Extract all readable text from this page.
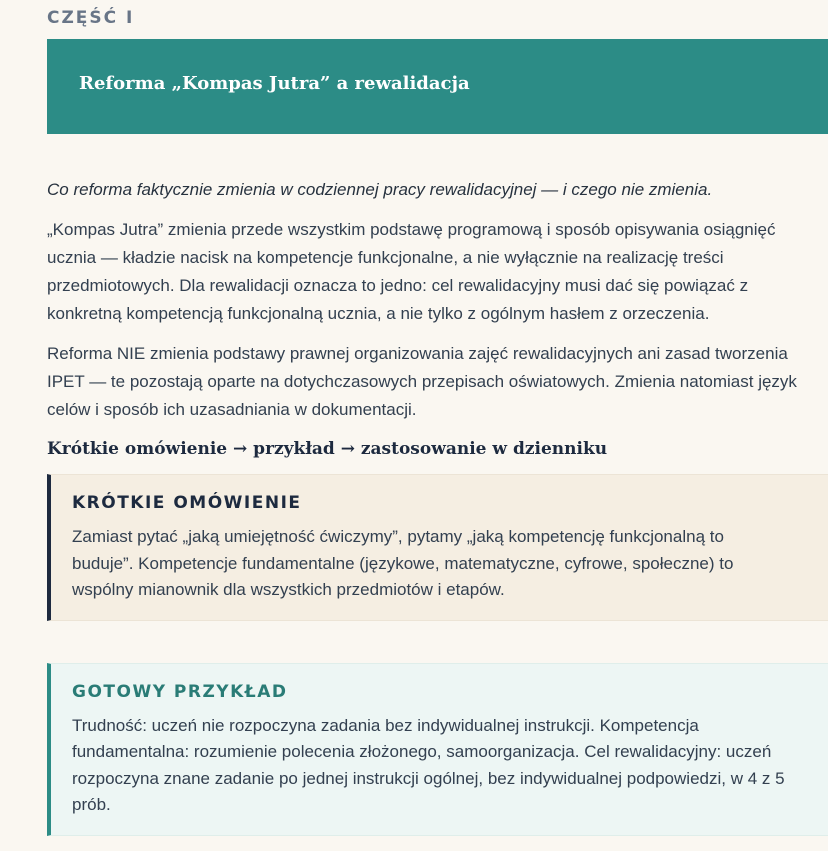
CZĘŚĆ I
Reforma „Kompas Jutra” a rewalidacja

Co reforma faktycznie zmienia w codziennej pracy rewalidacyjnej — i czego nie zmienia.

„Kompas Jutra” zmienia przede wszystkim podstawę programową i sposób opisywania osiągnięć
ucznia — kładzie nacisk na kompetencje funkcjonalne, a nie wyłącznie na realizację treści
przedmiotowych. Dla rewalidacji oznacza to jedno: cel rewalidacyjny musi dać się powiązać z
konkretną kompetencją funkcjonalną ucznia, a nie tylko z ogólnym hasłem z orzeczenia.

Reforma NIE zmienia podstawy prawnej organizowania zajęć rewalidacyjnych ani zasad tworzenia
IPET — te pozostają oparte na dotychczasowych przepisach oświatowych. Zmienia natomiast język
celów i sposób ich uzasadniania w dokumentacji.

Krótkie omówienie → przykład → zastosowanie w dzienniku
KRÓTKIE OMÓWIENIE
Zamiast pytać „jaką umiejętność ćwiczymy”, pytamy „jaką kompetencję funkcjonalną to
buduje”. Kompetencje fundamentalne (językowe, matematyczne, cyfrowe, społeczne) to
wspólny mianownik dla wszystkich przedmiotów i etapów.
GOTOWY PRZYKŁAD
Trudność: uczeń nie rozpoczyna zadania bez indywidualnej instrukcji. Kompetencja
fundamentalna: rozumienie polecenia złożonego, samoorganizacja. Cel rewalidacyjny: uczeń
rozpoczyna znane zadanie po jednej instrukcji ogólnej, bez indywidualnej podpowiedzi, w 4 z 5
prób.
